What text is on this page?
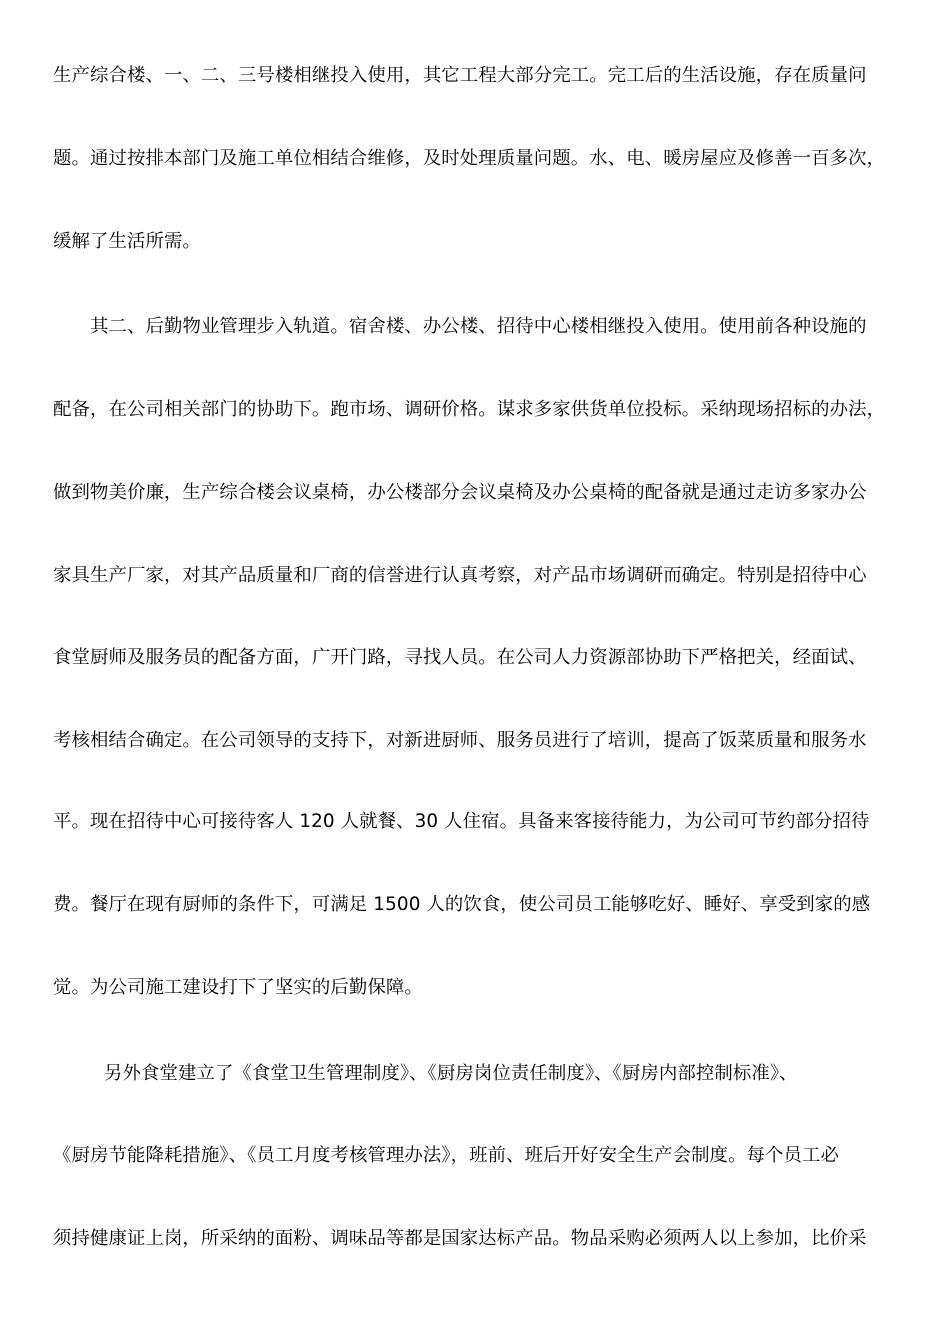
生产综合楼、一、二、三号楼相继投入使用，其它工程大部分完工。完工后的生活设施，存在质量问
题。通过按排本部门及施工单位相结合维修，及时处理质量问题。水、电、暖房屋应及修善一百多次，
缓解了生活所需。
其二、后勤物业管理步入轨道。宿舍楼、办公楼、招待中心楼相继投入使用。使用前各种设施的
配备，在公司相关部门的协助下。跑市场、调研价格。谋求多家供货单位投标。采纳现场招标的办法，
做到物美价廉，生产综合楼会议桌椅，办公楼部分会议桌椅及办公桌椅的配备就是通过走访多家办公
家具生产厂家，对其产品质量和厂商的信誉进行认真考察，对产品市场调研而确定。特别是招待中心
食堂厨师及服务员的配备方面，广开门路，寻找人员。在公司人力资源部协助下严格把关，经面试、
考核相结合确定。在公司领导的支持下，对新进厨师、服务员进行了培训，提高了饭菜质量和服务水
平。现在招待中心可接待客人 120 人就餐、30 人住宿。具备来客接待能力，为公司可节约部分招待
费。餐厅在现有厨师的条件下，可满足 1500 人的饮食，使公司员工能够吃好、睡好、享受到家的感
觉。为公司施工建设打下了坚实的后勤保障。
另外食堂建立了《食堂卫生管理制度》、《厨房岗位责任制度》、《厨房内部控制标准》、
《厨房节能降耗措施》、《员工月度考核管理办法》，班前、班后开好安全生产会制度。每个员工必
须持健康证上岗，所采纳的面粉、调味品等都是国家达标产品。物品采购必须两人以上参加，比价采
